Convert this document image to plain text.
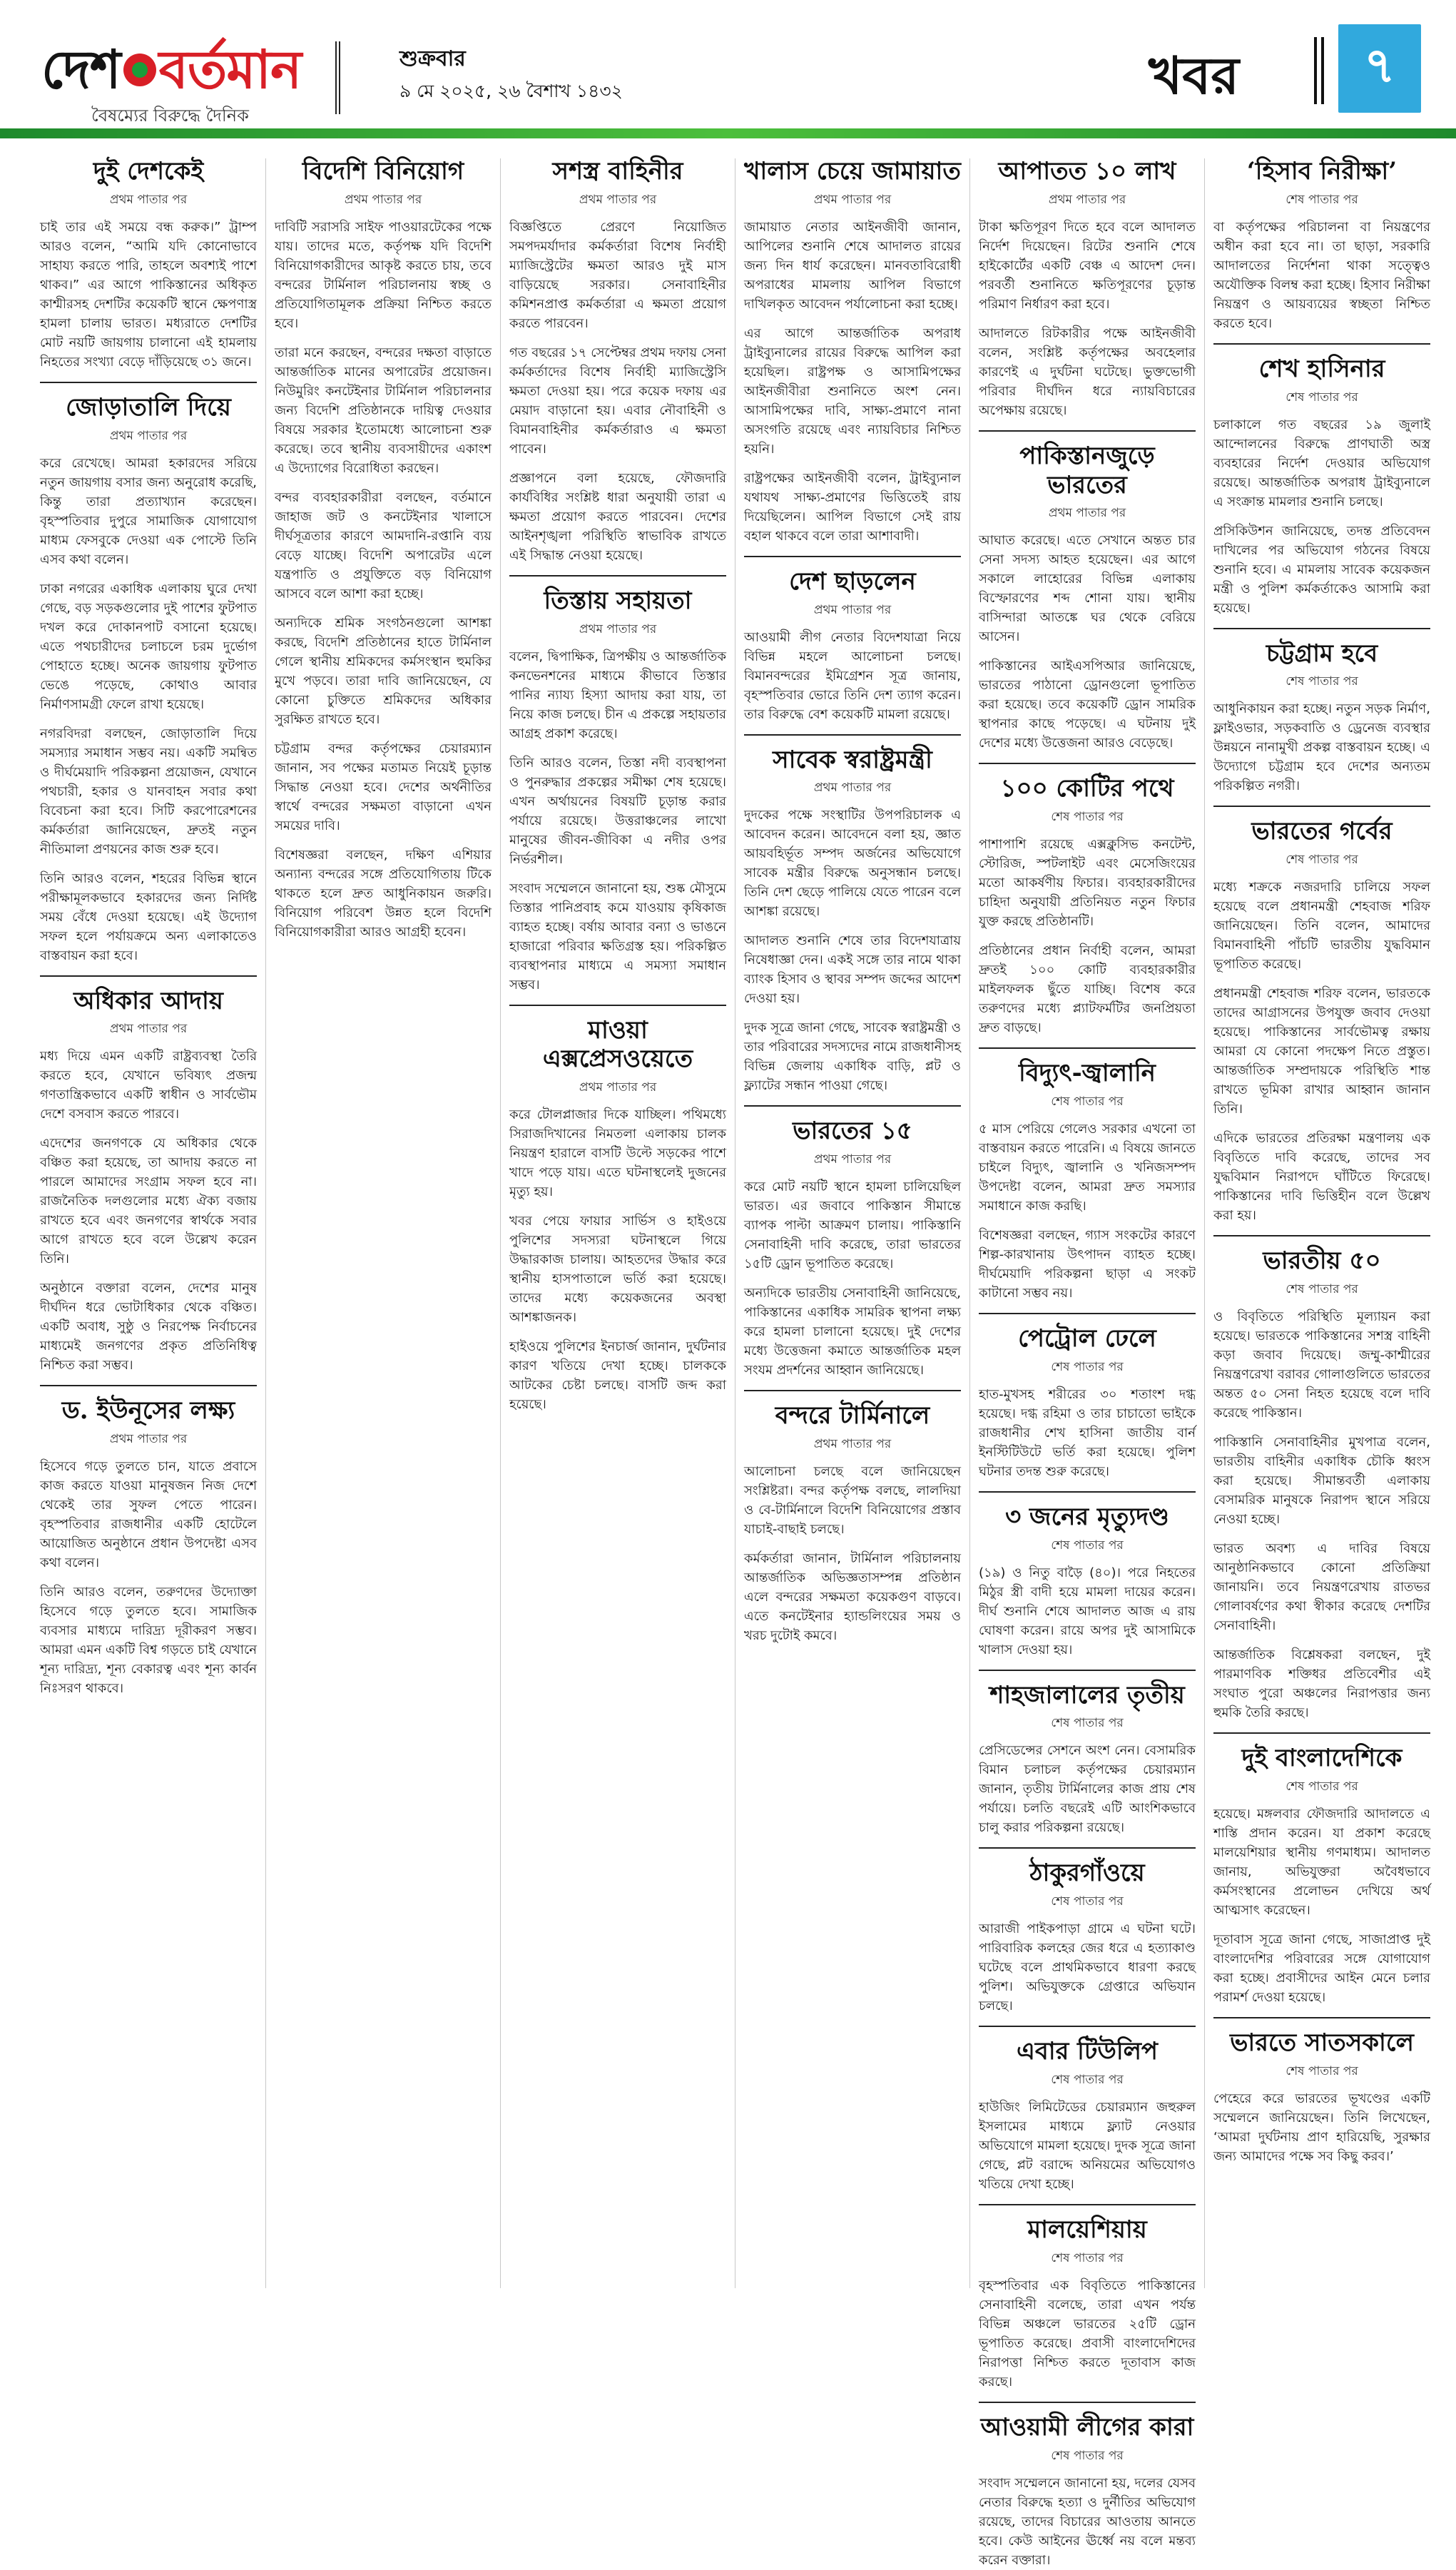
দেশ বর্তমান
বৈষম্যের বিরুদ্ধে দৈনিক
শুক্রবার
৯ মে ২০২৫, ২৬ বৈশাখ ১৪৩২	খবর	৭
দুই দেশকেই
প্রথম পাতার পর

চাই তার এই সময়ে বন্ধ করুক।” ট্রাম্প আরও বলেন, “আমি যদি কোনোভাবে সাহায্য করতে পারি, তাহলে অবশ্যই পাশে থাকব।” এর আগে পাকিস্তানের অধিকৃত কাশ্মীরসহ দেশটির কয়েকটি স্থানে ক্ষেপণাস্ত্র হামলা চালায় ভারত। মধ্যরাতে দেশটির মোট নয়টি জায়গায় চালানো এই হামলায় নিহতের সংখ্যা বেড়ে দাঁড়িয়েছে ৩১ জনে।

জোড়াতালি দিয়ে
প্রথম পাতার পর

করে রেখেছে। আমরা হকারদের সরিয়ে নতুন জায়গায় বসার জন্য অনুরোধ করেছি, কিন্তু তারা প্রত্যাখ্যান করেছেন। বৃহস্পতিবার দুপুরে সামাজিক যোগাযোগ মাধ্যম ফেসবুকে দেওয়া এক পোস্টে তিনি এসব কথা বলেন।

ঢাকা নগরের একাধিক এলাকায় ঘুরে দেখা গেছে, বড় সড়কগুলোর দুই পাশের ফুটপাত দখল করে দোকানপাট বসানো হয়েছে। এতে পথচারীদের চলাচলে চরম দুর্ভোগ পোহাতে হচ্ছে। অনেক জায়গায় ফুটপাত ভেঙে পড়েছে, কোথাও আবার নির্মাণসামগ্রী ফেলে রাখা হয়েছে।

নগরবিদরা বলছেন, জোড়াতালি দিয়ে সমস্যার সমাধান সম্ভব নয়। একটি সমন্বিত ও দীর্ঘমেয়াদি পরিকল্পনা প্রয়োজন, যেখানে পথচারী, হকার ও যানবাহন সবার কথা বিবেচনা করা হবে। সিটি করপোরেশনের কর্মকর্তারা জানিয়েছেন, দ্রুতই নতুন নীতিমালা প্রণয়নের কাজ শুরু হবে।

তিনি আরও বলেন, শহরের বিভিন্ন স্থানে পরীক্ষামূলকভাবে হকারদের জন্য নির্দিষ্ট সময় বেঁধে দেওয়া হয়েছে। এই উদ্যোগ সফল হলে পর্যায়ক্রমে অন্য এলাকাতেও বাস্তবায়ন করা হবে।

অধিকার আদায়
প্রথম পাতার পর

মধ্য দিয়ে এমন একটি রাষ্ট্রব্যবস্থা তৈরি করতে হবে, যেখানে ভবিষ্যৎ প্রজন্ম গণতান্ত্রিকভাবে একটি স্বাধীন ও সার্বভৌম দেশে বসবাস করতে পারবে।

এদেশের জনগণকে যে অধিকার থেকে বঞ্চিত করা হয়েছে, তা আদায় করতে না পারলে আমাদের সংগ্রাম সফল হবে না। রাজনৈতিক দলগুলোর মধ্যে ঐক্য বজায় রাখতে হবে এবং জনগণের স্বার্থকে সবার আগে রাখতে হবে বলে উল্লেখ করেন তিনি।

অনুষ্ঠানে বক্তারা বলেন, দেশের মানুষ দীর্ঘদিন ধরে ভোটাধিকার থেকে বঞ্চিত। একটি অবাধ, সুষ্ঠু ও নিরপেক্ষ নির্বাচনের মাধ্যমেই জনগণের প্রকৃত প্রতিনিধিত্ব নিশ্চিত করা সম্ভব।

ড. ইউনূসের লক্ষ্য
প্রথম পাতার পর

হিসেবে গড়ে তুলতে চান, যাতে প্রবাসে কাজ করতে যাওয়া মানুষজন নিজ দেশে থেকেই তার সুফল পেতে পারেন। বৃহস্পতিবার রাজধানীর একটি হোটেলে আয়োজিত অনুষ্ঠানে প্রধান উপদেষ্টা এসব কথা বলেন।

তিনি আরও বলেন, তরুণদের উদ্যোক্তা হিসেবে গড়ে তুলতে হবে। সামাজিক ব্যবসার মাধ্যমে দারিদ্র্য দূরীকরণ সম্ভব। আমরা এমন একটি বিশ্ব গড়তে চাই যেখানে শূন্য দারিদ্র্য, শূন্য বেকারত্ব এবং শূন্য কার্বন নিঃসরণ থাকবে।

বিদেশি বিনিয়োগ
প্রথম পাতার পর

দাবিটি সরাসরি সাইফ পাওয়ারটেকের পক্ষে যায়। তাদের মতে, কর্তৃপক্ষ যদি বিদেশি বিনিয়োগকারীদের আকৃষ্ট করতে চায়, তবে বন্দরের টার্মিনাল পরিচালনায় স্বচ্ছ ও প্রতিযোগিতামূলক প্রক্রিয়া নিশ্চিত করতে হবে।

তারা মনে করছেন, বন্দরের দক্ষতা বাড়াতে আন্তর্জাতিক মানের অপারেটর প্রয়োজন। নিউমুরিং কনটেইনার টার্মিনাল পরিচালনার জন্য বিদেশি প্রতিষ্ঠানকে দায়িত্ব দেওয়ার বিষয়ে সরকার ইতোমধ্যে আলোচনা শুরু করেছে। তবে স্থানীয় ব্যবসায়ীদের একাংশ এ উদ্যোগের বিরোধিতা করছেন।

বন্দর ব্যবহারকারীরা বলছেন, বর্তমানে জাহাজ জট ও কনটেইনার খালাসে দীর্ঘসূত্রতার কারণে আমদানি-রপ্তানি ব্যয় বেড়ে যাচ্ছে। বিদেশি অপারেটর এলে যন্ত্রপাতি ও প্রযুক্তিতে বড় বিনিয়োগ আসবে বলে আশা করা হচ্ছে।

অন্যদিকে শ্রমিক সংগঠনগুলো আশঙ্কা করছে, বিদেশি প্রতিষ্ঠানের হাতে টার্মিনাল গেলে স্থানীয় শ্রমিকদের কর্মসংস্থান হুমকির মুখে পড়বে। তারা দাবি জানিয়েছেন, যে কোনো চুক্তিতে শ্রমিকদের অধিকার সুরক্ষিত রাখতে হবে।

চট্টগ্রাম বন্দর কর্তৃপক্ষের চেয়ারম্যান জানান, সব পক্ষের মতামত নিয়েই চূড়ান্ত সিদ্ধান্ত নেওয়া হবে। দেশের অর্থনীতির স্বার্থে বন্দরের সক্ষমতা বাড়ানো এখন সময়ের দাবি।

বিশেষজ্ঞরা বলছেন, দক্ষিণ এশিয়ার অন্যান্য বন্দরের সঙ্গে প্রতিযোগিতায় টিকে থাকতে হলে দ্রুত আধুনিকায়ন জরুরি। বিনিয়োগ পরিবেশ উন্নত হলে বিদেশি বিনিয়োগকারীরা আরও আগ্রহী হবেন।

সশস্ত্র বাহিনীর
প্রথম পাতার পর

বিজ্ঞপ্তিতে প্রেরণে নিয়োজিত সমপদমর্যাদার কর্মকর্তারা বিশেষ নির্বাহী ম্যাজিস্ট্রেটের ক্ষমতা আরও দুই মাস বাড়িয়েছে সরকার। সেনাবাহিনীর কমিশনপ্রাপ্ত কর্মকর্তারা এ ক্ষমতা প্রয়োগ করতে পারবেন।

গত বছরের ১৭ সেপ্টেম্বর প্রথম দফায় সেনা কর্মকর্তাদের বিশেষ নির্বাহী ম্যাজিস্ট্রেসি ক্ষমতা দেওয়া হয়। পরে কয়েক দফায় এর মেয়াদ বাড়ানো হয়। এবার নৌবাহিনী ও বিমানবাহিনীর কর্মকর্তারাও এ ক্ষমতা পাবেন।

প্রজ্ঞাপনে বলা হয়েছে, ফৌজদারি কার্যবিধির সংশ্লিষ্ট ধারা অনুযায়ী তারা এ ক্ষমতা প্রয়োগ করতে পারবেন। দেশের আইনশৃঙ্খলা পরিস্থিতি স্বাভাবিক রাখতে এই সিদ্ধান্ত নেওয়া হয়েছে।

তিস্তায় সহায়তা
প্রথম পাতার পর

বলেন, দ্বিপাক্ষিক, ত্রিপক্ষীয় ও আন্তর্জাতিক কনভেনশনের মাধ্যমে কীভাবে তিস্তার পানির ন্যায্য হিস্যা আদায় করা যায়, তা নিয়ে কাজ চলছে। চীন এ প্রকল্পে সহায়তার আগ্রহ প্রকাশ করেছে।

তিনি আরও বলেন, তিস্তা নদী ব্যবস্থাপনা ও পুনরুদ্ধার প্রকল্পের সমীক্ষা শেষ হয়েছে। এখন অর্থায়নের বিষয়টি চূড়ান্ত করার পর্যায়ে রয়েছে। উত্তরাঞ্চলের লাখো মানুষের জীবন-জীবিকা এ নদীর ওপর নির্ভরশীল।

সংবাদ সম্মেলনে জানানো হয়, শুষ্ক মৌসুমে তিস্তার পানিপ্রবাহ কমে যাওয়ায় কৃষিকাজ ব্যাহত হচ্ছে। বর্ষায় আবার বন্যা ও ভাঙনে হাজারো পরিবার ক্ষতিগ্রস্ত হয়। পরিকল্পিত ব্যবস্থাপনার মাধ্যমে এ সমস্যা সমাধান সম্ভব।

মাওয়া এক্সপ্রেসওয়েতে
প্রথম পাতার পর

করে টোলপ্লাজার দিকে যাচ্ছিল। পথিমধ্যে সিরাজদিখানের নিমতলা এলাকায় চালক নিয়ন্ত্রণ হারালে বাসটি উল্টে সড়কের পাশে খাদে পড়ে যায়। এতে ঘটনাস্থলেই দুজনের মৃত্যু হয়।

খবর পেয়ে ফায়ার সার্ভিস ও হাইওয়ে পুলিশের সদস্যরা ঘটনাস্থলে গিয়ে উদ্ধারকাজ চালায়। আহতদের উদ্ধার করে স্থানীয় হাসপাতালে ভর্তি করা হয়েছে। তাদের মধ্যে কয়েকজনের অবস্থা আশঙ্কাজনক।

হাইওয়ে পুলিশের ইনচার্জ জানান, দুর্ঘটনার কারণ খতিয়ে দেখা হচ্ছে। চালককে আটকের চেষ্টা চলছে। বাসটি জব্দ করা হয়েছে।

খালাস চেয়ে জামায়াত
প্রথম পাতার পর

জামায়াত নেতার আইনজীবী জানান, আপিলের শুনানি শেষে আদালত রায়ের জন্য দিন ধার্য করেছেন। মানবতাবিরোধী অপরাধের মামলায় আপিল বিভাগে দাখিলকৃত আবেদন পর্যালোচনা করা হচ্ছে।

এর আগে আন্তর্জাতিক অপরাধ ট্রাইব্যুনালের রায়ের বিরুদ্ধে আপিল করা হয়েছিল। রাষ্ট্রপক্ষ ও আসামিপক্ষের আইনজীবীরা শুনানিতে অংশ নেন। আসামিপক্ষের দাবি, সাক্ষ্য-প্রমাণে নানা অসংগতি রয়েছে এবং ন্যায়বিচার নিশ্চিত হয়নি।

রাষ্ট্রপক্ষের আইনজীবী বলেন, ট্রাইব্যুনাল যথাযথ সাক্ষ্য-প্রমাণের ভিত্তিতেই রায় দিয়েছিলেন। আপিল বিভাগে সেই রায় বহাল থাকবে বলে তারা আশাবাদী।

দেশ ছাড়লেন
প্রথম পাতার পর

আওয়ামী লীগ নেতার বিদেশযাত্রা নিয়ে বিভিন্ন মহলে আলোচনা চলছে। বিমানবন্দরের ইমিগ্রেশন সূত্র জানায়, বৃহস্পতিবার ভোরে তিনি দেশ ত্যাগ করেন। তার বিরুদ্ধে বেশ কয়েকটি মামলা রয়েছে।

সাবেক স্বরাষ্ট্রমন্ত্রী
প্রথম পাতার পর

দুদকের পক্ষে সংস্থাটির উপপরিচালক এ আবেদন করেন। আবেদনে বলা হয়, জ্ঞাত আয়বহির্ভূত সম্পদ অর্জনের অভিযোগে সাবেক মন্ত্রীর বিরুদ্ধে অনুসন্ধান চলছে। তিনি দেশ ছেড়ে পালিয়ে যেতে পারেন বলে আশঙ্কা রয়েছে।

আদালত শুনানি শেষে তার বিদেশযাত্রায় নিষেধাজ্ঞা দেন। একই সঙ্গে তার নামে থাকা ব্যাংক হিসাব ও স্থাবর সম্পদ জব্দের আদেশ দেওয়া হয়।

দুদক সূত্রে জানা গেছে, সাবেক স্বরাষ্ট্রমন্ত্রী ও তার পরিবারের সদস্যদের নামে রাজধানীসহ বিভিন্ন জেলায় একাধিক বাড়ি, প্লট ও ফ্ল্যাটের সন্ধান পাওয়া গেছে।

ভারতের ১৫
প্রথম পাতার পর

করে মোট নয়টি স্থানে হামলা চালিয়েছিল ভারত। এর জবাবে পাকিস্তান সীমান্তে ব্যাপক পাল্টা আক্রমণ চালায়। পাকিস্তানি সেনাবাহিনী দাবি করেছে, তারা ভারতের ১৫টি ড্রোন ভূপাতিত করেছে।

অন্যদিকে ভারতীয় সেনাবাহিনী জানিয়েছে, পাকিস্তানের একাধিক সামরিক স্থাপনা লক্ষ্য করে হামলা চালানো হয়েছে। দুই দেশের মধ্যে উত্তেজনা কমাতে আন্তর্জাতিক মহল সংযম প্রদর্শনের আহ্বান জানিয়েছে।

বন্দরে টার্মিনালে
প্রথম পাতার পর

আলোচনা চলছে বলে জানিয়েছেন সংশ্লিষ্টরা। বন্দর কর্তৃপক্ষ বলছে, লালদিয়া ও বে-টার্মিনালে বিদেশি বিনিয়োগের প্রস্তাব যাচাই-বাছাই চলছে।

কর্মকর্তারা জানান, টার্মিনাল পরিচালনায় আন্তর্জাতিক অভিজ্ঞতাসম্পন্ন প্রতিষ্ঠান এলে বন্দরের সক্ষমতা কয়েকগুণ বাড়বে। এতে কনটেইনার হ্যান্ডলিংয়ের সময় ও খরচ দুটোই কমবে।

আপাতত ১০ লাখ
প্রথম পাতার পর

টাকা ক্ষতিপূরণ দিতে হবে বলে আদালত নির্দেশ দিয়েছেন। রিটের শুনানি শেষে হাইকোর্টের একটি বেঞ্চ এ আদেশ দেন। পরবর্তী শুনানিতে ক্ষতিপূরণের চূড়ান্ত পরিমাণ নির্ধারণ করা হবে।

আদালতে রিটকারীর পক্ষে আইনজীবী বলেন, সংশ্লিষ্ট কর্তৃপক্ষের অবহেলার কারণেই এ দুর্ঘটনা ঘটেছে। ভুক্তভোগী পরিবার দীর্ঘদিন ধরে ন্যায়বিচারের অপেক্ষায় রয়েছে।

পাকিস্তানজুড়ে ভারতের
প্রথম পাতার পর

আঘাত করেছে। এতে সেখানে অন্তত চার সেনা সদস্য আহত হয়েছেন। এর আগে সকালে লাহোরের বিভিন্ন এলাকায় বিস্ফোরণের শব্দ শোনা যায়। স্থানীয় বাসিন্দারা আতঙ্কে ঘর থেকে বেরিয়ে আসেন।

পাকিস্তানের আইএসপিআর জানিয়েছে, ভারতের পাঠানো ড্রোনগুলো ভূপাতিত করা হয়েছে। তবে কয়েকটি ড্রোন সামরিক স্থাপনার কাছে পড়েছে। এ ঘটনায় দুই দেশের মধ্যে উত্তেজনা আরও বেড়েছে।

১০০ কোটির পথে
শেষ পাতার পর

পাশাপাশি রয়েছে এক্সক্লুসিভ কনটেন্ট, স্টোরিজ, স্পটলাইট এবং মেসেজিংয়ের মতো আকর্ষণীয় ফিচার। ব্যবহারকারীদের চাহিদা অনুযায়ী প্রতিনিয়ত নতুন ফিচার যুক্ত করছে প্রতিষ্ঠানটি।

প্রতিষ্ঠানের প্রধান নির্বাহী বলেন, আমরা দ্রুতই ১০০ কোটি ব্যবহারকারীর মাইলফলক ছুঁতে যাচ্ছি। বিশেষ করে তরুণদের মধ্যে প্ল্যাটফর্মটির জনপ্রিয়তা দ্রুত বাড়ছে।

বিদ্যুৎ-জ্বালানি
শেষ পাতার পর

৫ মাস পেরিয়ে গেলেও সরকার এখনো তা বাস্তবায়ন করতে পারেনি। এ বিষয়ে জানতে চাইলে বিদ্যুৎ, জ্বালানি ও খনিজসম্পদ উপদেষ্টা বলেন, আমরা দ্রুত সমস্যার সমাধানে কাজ করছি।

বিশেষজ্ঞরা বলছেন, গ্যাস সংকটের কারণে শিল্প-কারখানায় উৎপাদন ব্যাহত হচ্ছে। দীর্ঘমেয়াদি পরিকল্পনা ছাড়া এ সংকট কাটানো সম্ভব নয়।

পেট্রোল ঢেলে
শেষ পাতার পর

হাত-মুখসহ শরীরের ৩০ শতাংশ দগ্ধ হয়েছে। দগ্ধ রহিমা ও তার চাচাতো ভাইকে রাজধানীর শেখ হাসিনা জাতীয় বার্ন ইনস্টিটিউটে ভর্তি করা হয়েছে। পুলিশ ঘটনার তদন্ত শুরু করেছে।

৩ জনের মৃত্যুদণ্ড
শেষ পাতার পর

(১৯) ও নিতু বাড়ৈ (৪০)। পরে নিহতের মিঠুর স্ত্রী বাদী হয়ে মামলা দায়ের করেন। দীর্ঘ শুনানি শেষে আদালত আজ এ রায় ঘোষণা করেন। রায়ে অপর দুই আসামিকে খালাস দেওয়া হয়।

শাহজালালের তৃতীয়
শেষ পাতার পর

প্রেসিডেন্সের সেশনে অংশ নেন। বেসামরিক বিমান চলাচল কর্তৃপক্ষের চেয়ারম্যান জানান, তৃতীয় টার্মিনালের কাজ প্রায় শেষ পর্যায়ে। চলতি বছরেই এটি আংশিকভাবে চালু করার পরিকল্পনা রয়েছে।

ঠাকুরগাঁওয়ে
শেষ পাতার পর

আরাজী পাইকপাড়া গ্রামে এ ঘটনা ঘটে। পারিবারিক কলহের জের ধরে এ হত্যাকাণ্ড ঘটেছে বলে প্রাথমিকভাবে ধারণা করছে পুলিশ। অভিযুক্তকে গ্রেপ্তারে অভিযান চলছে।

এবার টিউলিপ
শেষ পাতার পর

হাউজিং লিমিটেডের চেয়ারম্যান জহুরুল ইসলামের মাধ্যমে ফ্ল্যাট নেওয়ার অভিযোগে মামলা হয়েছে। দুদক সূত্রে জানা গেছে, প্লট বরাদ্দে অনিয়মের অভিযোগও খতিয়ে দেখা হচ্ছে।

মালয়েশিয়ায়
শেষ পাতার পর

বৃহস্পতিবার এক বিবৃতিতে পাকিস্তানের সেনাবাহিনী বলেছে, তারা এখন পর্যন্ত বিভিন্ন অঞ্চলে ভারতের ২৫টি ড্রোন ভূপাতিত করেছে। প্রবাসী বাংলাদেশিদের নিরাপত্তা নিশ্চিত করতে দূতাবাস কাজ করছে।

আওয়ামী লীগের কারা
শেষ পাতার পর

সংবাদ সম্মেলনে জানানো হয়, দলের যেসব নেতার বিরুদ্ধে হত্যা ও দুর্নীতির অভিযোগ রয়েছে, তাদের বিচারের আওতায় আনতে হবে। কেউ আইনের ঊর্ধ্বে নয় বলে মন্তব্য করেন বক্তারা।

‘হিসাব নিরীক্ষা’
শেষ পাতার পর

বা কর্তৃপক্ষের পরিচালনা বা নিয়ন্ত্রণের অধীন করা হবে না। তা ছাড়া, সরকারি আদালতের নির্দেশনা থাকা সত্ত্বেও অযৌক্তিক বিলম্ব করা হচ্ছে। হিসাব নিরীক্ষা নিয়ন্ত্রণ ও আয়ব্যয়ের স্বচ্ছতা নিশ্চিত করতে হবে।

শেখ হাসিনার
শেষ পাতার পর

চলাকালে গত বছরের ১৯ জুলাই আন্দোলনের বিরুদ্ধে প্রাণঘাতী অস্ত্র ব্যবহারের নির্দেশ দেওয়ার অভিযোগ রয়েছে। আন্তর্জাতিক অপরাধ ট্রাইব্যুনালে এ সংক্রান্ত মামলার শুনানি চলছে।

প্রসিকিউশন জানিয়েছে, তদন্ত প্রতিবেদন দাখিলের পর অভিযোগ গঠনের বিষয়ে শুনানি হবে। এ মামলায় সাবেক কয়েকজন মন্ত্রী ও পুলিশ কর্মকর্তাকেও আসামি করা হয়েছে।

চট্টগ্রাম হবে
শেষ পাতার পর

আধুনিকায়ন করা হচ্ছে। নতুন সড়ক নির্মাণ, ফ্লাইওভার, সড়কবাতি ও ড্রেনেজ ব্যবস্থার উন্নয়নে নানামুখী প্রকল্প বাস্তবায়ন হচ্ছে। এ উদ্যোগে চট্টগ্রাম হবে দেশের অন্যতম পরিকল্পিত নগরী।

ভারতের গর্বের
শেষ পাতার পর

মধ্যে শক্রকে নজরদারি চালিয়ে সফল হয়েছে বলে প্রধানমন্ত্রী শেহবাজ শরিফ জানিয়েছেন। তিনি বলেন, আমাদের বিমানবাহিনী পাঁচটি ভারতীয় যুদ্ধবিমান ভূপাতিত করেছে।

প্রধানমন্ত্রী শেহবাজ শরিফ বলেন, ভারতকে তাদের আগ্রাসনের উপযুক্ত জবাব দেওয়া হয়েছে। পাকিস্তানের সার্বভৌমত্ব রক্ষায় আমরা যে কোনো পদক্ষেপ নিতে প্রস্তুত। আন্তর্জাতিক সম্প্রদায়কে পরিস্থিতি শান্ত রাখতে ভূমিকা রাখার আহ্বান জানান তিনি।

এদিকে ভারতের প্রতিরক্ষা মন্ত্রণালয় এক বিবৃতিতে দাবি করেছে, তাদের সব যুদ্ধবিমান নিরাপদে ঘাঁটিতে ফিরেছে। পাকিস্তানের দাবি ভিত্তিহীন বলে উল্লেখ করা হয়।

ভারতীয় ৫০
শেষ পাতার পর

ও বিবৃতিতে পরিস্থিতি মূল্যায়ন করা হয়েছে। ভারতকে পাকিস্তানের সশস্ত্র বাহিনী কড়া জবাব দিয়েছে। জম্মু-কাশ্মীরের নিয়ন্ত্রণরেখা বরাবর গোলাগুলিতে ভারতের অন্তত ৫০ সেনা নিহত হয়েছে বলে দাবি করেছে পাকিস্তান।

পাকিস্তানি সেনাবাহিনীর মুখপাত্র বলেন, ভারতীয় বাহিনীর একাধিক চৌকি ধ্বংস করা হয়েছে। সীমান্তবর্তী এলাকায় বেসামরিক মানুষকে নিরাপদ স্থানে সরিয়ে নেওয়া হচ্ছে।

ভারত অবশ্য এ দাবির বিষয়ে আনুষ্ঠানিকভাবে কোনো প্রতিক্রিয়া জানায়নি। তবে নিয়ন্ত্রণরেখায় রাতভর গোলাবর্ষণের কথা স্বীকার করেছে দেশটির সেনাবাহিনী।

আন্তর্জাতিক বিশ্লেষকরা বলছেন, দুই পারমাণবিক শক্তিধর প্রতিবেশীর এই সংঘাত পুরো অঞ্চলের নিরাপত্তার জন্য হুমকি তৈরি করছে।

দুই বাংলাদেশিকে
শেষ পাতার পর

হয়েছে। মঙ্গলবার ফৌজদারি আদালতে এ শাস্তি প্রদান করেন। যা প্রকাশ করেছে মালয়েশিয়ার স্থানীয় গণমাধ্যম। আদালত জানায়, অভিযুক্তরা অবৈধভাবে কর্মসংস্থানের প্রলোভন দেখিয়ে অর্থ আত্মসাৎ করেছেন।

দূতাবাস সূত্রে জানা গেছে, সাজাপ্রাপ্ত দুই বাংলাদেশির পরিবারের সঙ্গে যোগাযোগ করা হচ্ছে। প্রবাসীদের আইন মেনে চলার পরামর্শ দেওয়া হয়েছে।

ভারতে সাতসকালে
শেষ পাতার পর

পেহেরে করে ভারতের ভূখণ্ডের একটি সম্মেলনে জানিয়েছেন। তিনি লিখেছেন, ‘আমরা দুর্ঘটনায় প্রাণ হারিয়েছি, সুরক্ষার জন্য আমাদের পক্ষে সব কিছু করব।’
